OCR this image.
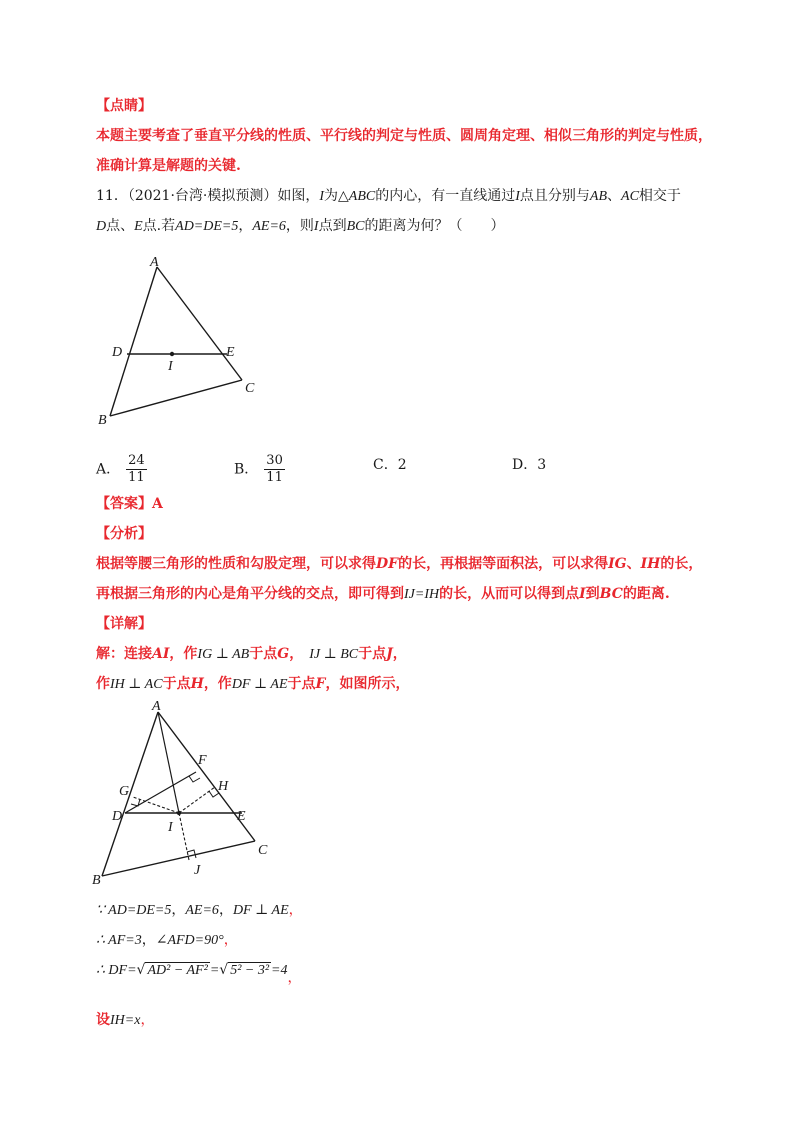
【点睛】
本题主要考查了垂直平分线的性质、平行线的判定与性质、圆周角定理、相似三角形的判定与性质，
准确计算是解题的关键.
11．（2021·台湾·模拟预测）如图，I为△ABC的内心，有一直线通过I点且分别与AB、AC相交于
D点、E点.若AD=DE=5，AE=6，则I点到BC的距离为何？（　　）
A
D	E
I
C
B
A． $\frac{24}{11}$	B． $\frac{30}{11}$	C．2	D．3
【答案】A
【分析】
根据等腰三角形的性质和勾股定理，可以求得DF的长，再根据等面积法，可以求得IG、IH的长，
再根据三角形的内心是角平分线的交点，即可得到IJ=IH的长，从而可以得到点I到BC的距离.
【详解】
解：连接AI，作IG ⊥ AB于点G， IJ ⊥ BC于点J，
作IH ⊥ AC于点H，作DF ⊥ AE于点F，如图所示，
A
F
G	H
D
I
E
J
C
B
∵ AD=DE=5，AE=6，DF ⊥ AE，
∴ AF=3，∠AFD=90°，
∴ DF=√ AD² − AF² =√ 5² − 3² =4，
设IH=x，
